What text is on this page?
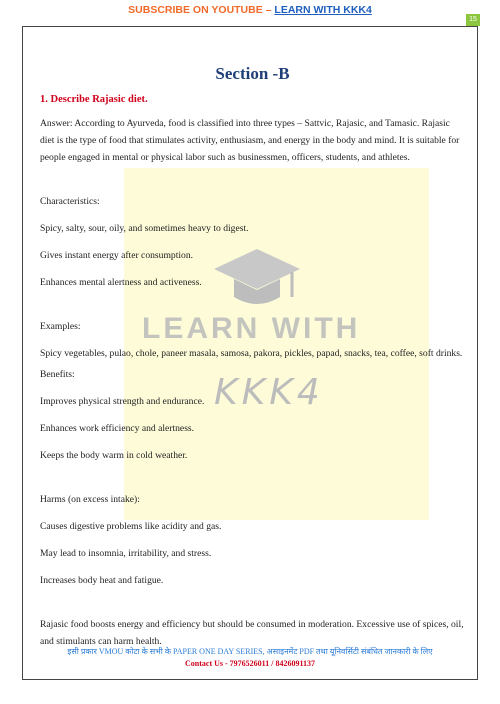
SUBSCRIBE ON YOUTUBE – LEARN WITH KKK4
15
LEARN WITH
KKK4
Section -B
1. Describe Rajasic diet.

Answer: According to Ayurveda, food is classified into three types – Sattvic, Rajasic, and Tamasic. Rajasic diet is the type of food that stimulates activity, enthusiasm, and energy in the body and mind. It is suitable for people engaged in mental or physical labor such as businessmen, officers, students, and athletes.

Characteristics:

Spicy, salty, sour, oily, and sometimes heavy to digest.

Gives instant energy after consumption.

Enhances mental alertness and activeness.

Examples:

Spicy vegetables, pulao, chole, paneer masala, samosa, pakora, pickles, papad, snacks, tea, coffee, soft drinks.

Benefits:

Improves physical strength and endurance.

Enhances work efficiency and alertness.

Keeps the body warm in cold weather.

Harms (on excess intake):

Causes digestive problems like acidity and gas.

May lead to insomnia, irritability, and stress.

Increases body heat and fatigue.

Rajasic food boosts energy and efficiency but should be consumed in moderation. Excessive use of spices, oil, and stimulants can harm health.

इसी प्रकार VMOU कोटा के सभी के PAPER ONE DAY SERIES, असाइनमेंट PDF तथा यूनिवर्सिटी संबंधित जानकारी के लिए
Contact Us - 7976526011 / 8426091137
